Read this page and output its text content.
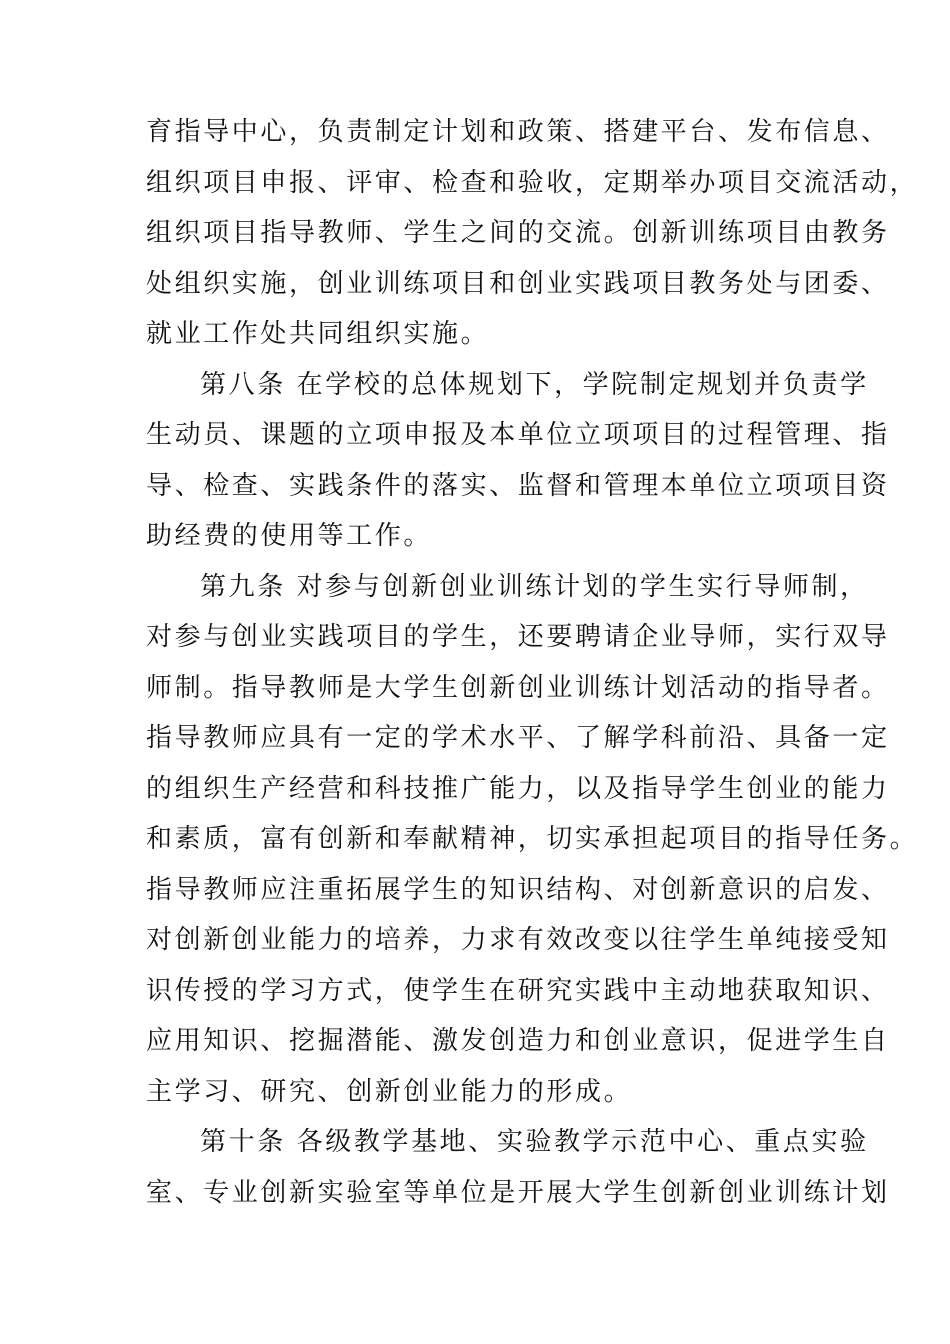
育指导中心，负责制定计划和政策、搭建平台、发布信息、
组织项目申报、评审、检查和验收，定期举办项目交流活动，
组织项目指导教师、学生之间的交流。创新训练项目由教务
处组织实施，创业训练项目和创业实践项目教务处与团委、
就业工作处共同组织实施。
第八条 在学校的总体规划下，学院制定规划并负责学
生动员、课题的立项申报及本单位立项项目的过程管理、指
导、检查、实践条件的落实、监督和管理本单位立项项目资
助经费的使用等工作。
第九条 对参与创新创业训练计划的学生实行导师制，
对参与创业实践项目的学生，还要聘请企业导师，实行双导
师制。指导教师是大学生创新创业训练计划活动的指导者。
指导教师应具有一定的学术水平、了解学科前沿、具备一定
的组织生产经营和科技推广能力，以及指导学生创业的能力
和素质，富有创新和奉献精神，切实承担起项目的指导任务。
指导教师应注重拓展学生的知识结构、对创新意识的启发、
对创新创业能力的培养，力求有效改变以往学生单纯接受知
识传授的学习方式，使学生在研究实践中主动地获取知识、
应用知识、挖掘潜能、激发创造力和创业意识，促进学生自
主学习、研究、创新创业能力的形成。
第十条 各级教学基地、实验教学示范中心、重点实验
室、专业创新实验室等单位是开展大学生创新创业训练计划
